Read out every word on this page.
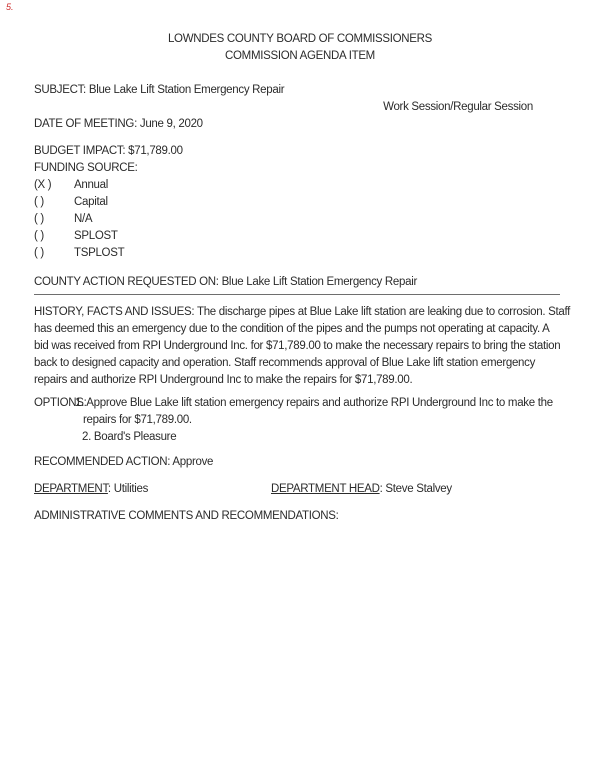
5.
LOWNDES COUNTY BOARD OF COMMISSIONERS
COMMISSION AGENDA ITEM
SUBJECT: Blue Lake Lift Station Emergency Repair
Work Session/Regular Session
DATE OF MEETING: June 9, 2020
BUDGET IMPACT: $71,789.00
FUNDING SOURCE:
(X ) Annual
( )	Capital
( )	N/A
( )	SPLOST
( )	TSPLOST
COUNTY ACTION REQUESTED ON: Blue Lake Lift Station Emergency Repair
HISTORY, FACTS AND ISSUES: The discharge pipes at Blue Lake lift station are leaking due to corrosion. Staff
has deemed this an emergency due to the condition of the pipes and the pumps not operating at capacity. A
bid was received from RPI Underground Inc. for $71,789.00 to make the necessary repairs to bring the station
back to designed capacity and operation. Staff recommends approval of Blue Lake lift station emergency
repairs and authorize RPI Underground Inc to make the repairs for $71,789.00.
OPTIONS:
1. Approve Blue Lake lift station emergency repairs and authorize RPI Underground Inc to make the
repairs for $71,789.00.
2. Board's Pleasure
RECOMMENDED ACTION: Approve
DEPARTMENT: Utilities	DEPARTMENT HEAD: Steve Stalvey
ADMINISTRATIVE COMMENTS AND RECOMMENDATIONS:
